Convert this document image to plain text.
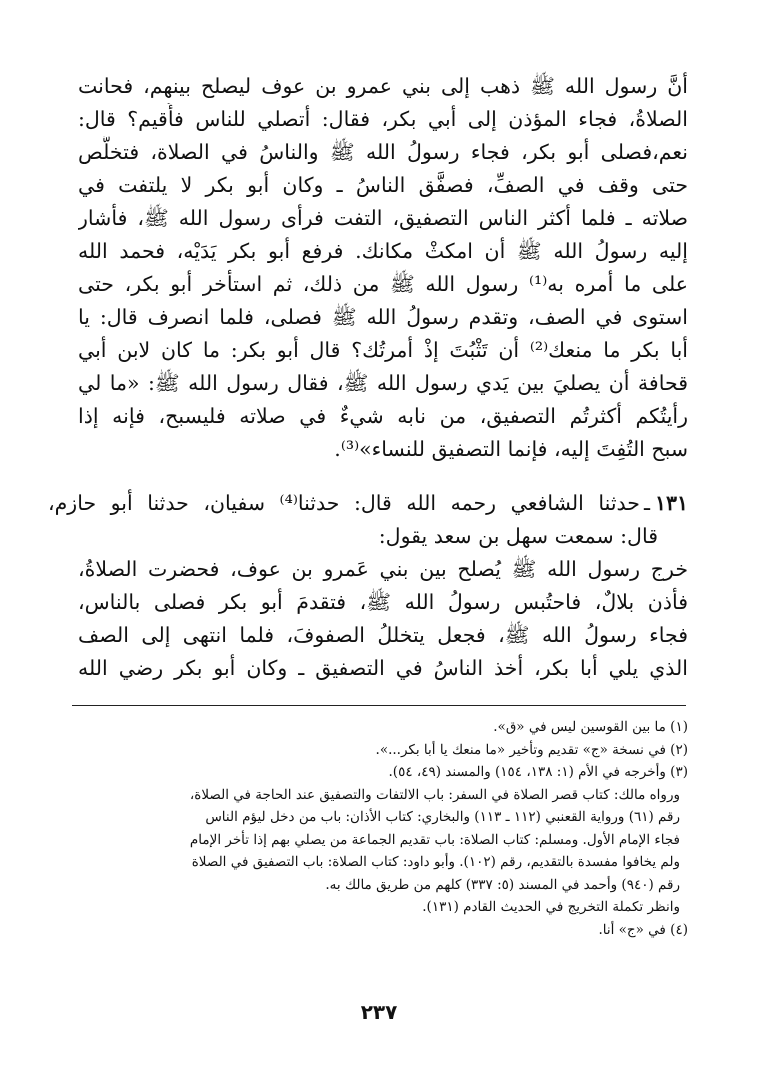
أنَّ رسول الله ﷺ ذهب إلى بني عمرو بن عوف ليصلح بينهم، فحانت
الصلاةُ، فجاء المؤذن إلى أبي بكر، فقال: أتصلي للناس فأُقيم؟ قال:
نعم،فصلى أبو بكر، فجاء رسولُ الله ﷺ والناسُ في الصلاة، فتخلَّص
حتى وقف في الصفِّ، فصفَّق الناسُ ـ وكان أبو بكر لا يلتفت في
صلاته ـ فلما أكثر الناس التصفيق، التفت فرأى رسول الله ﷺ، فأشار
إليه رسولُ الله ﷺ أن امكثْ مكانك. فرفع أبو بكر يَدَيْه، فحمد الله
على ما أمره به⁽¹⁾ رسول الله ﷺ من ذلك، ثم استأخر أبو بكر، حتى
استوى في الصف، وتقدم رسولُ الله ﷺ فصلى، فلما انصرف قال: يا
أبا بكر ما منعك⁽²⁾ أن تَثْبُتَ إذْ أمرتُك؟ قال أبو بكر: ما كان لابن أبي
قحافة أن يصليَ بين يَدي رسول الله ﷺ، فقال رسول الله ﷺ: «ما لي
رأيتُكم أكثرتُم التصفيق، من نابه شيءٌ في صلاته فليسبح، فإنه إذا
سبح التُفِتَ إليه، فإنما التصفيق للنساء»⁽³⁾.
١٣١
ـ
حدثنا الشافعي رحمه الله قال: حدثنا⁽⁴⁾ سفيان، حدثنا أبو حازم،
قال: سمعت سهل بن سعد يقول:
خرج رسول الله ﷺ يُصلح بين بني عَمرو بن عوف، فحضرت الصلاةُ،
فأذن بلالٌ، فاحتُبس رسولُ الله ﷺ، فتقدمَ أبو بكر فصلى بالناس،
فجاء رسولُ الله ﷺ، فجعل يتخللُ الصفوفَ، فلما انتهى إلى الصف
الذي يلي أبا بكر، أخذ الناسُ في التصفيق ـ وكان أبو بكر رضي الله
(١) ما بين القوسين ليس في «ق».
(٢) في نسخة «ج» تقديم وتأخير «ما منعك يا أبا بكر...».
(٣) وأخرجه في الأم (١: ١٣٨، ١٥٤) والمسند (٤٩، ٥٤).
ورواه مالك: كتاب قصر الصلاة في السفر: باب الالتفات والتصفيق عند الحاجة في الصلاة،
رقم (٦١) ورواية القعنبي (١١٢ ـ ١١٣) والبخاري: كتاب الأذان: باب من دخل ليؤم الناس
فجاء الإمام الأول. ومسلم: كتاب الصلاة: باب تقديم الجماعة من يصلي بهم إذا تأخر الإمام
ولم يخافوا مفسدة بالتقديم، رقم (١٠٢). وأبو داود: كتاب الصلاة: باب التصفيق في الصلاة
رقم (٩٤٠) وأحمد في المسند (٥: ٣٣٧) كلهم من طريق مالك به.
وانظر تكملة التخريج في الحديث القادم (١٣١).
(٤) في «ج» أنا.
٢٣٧
